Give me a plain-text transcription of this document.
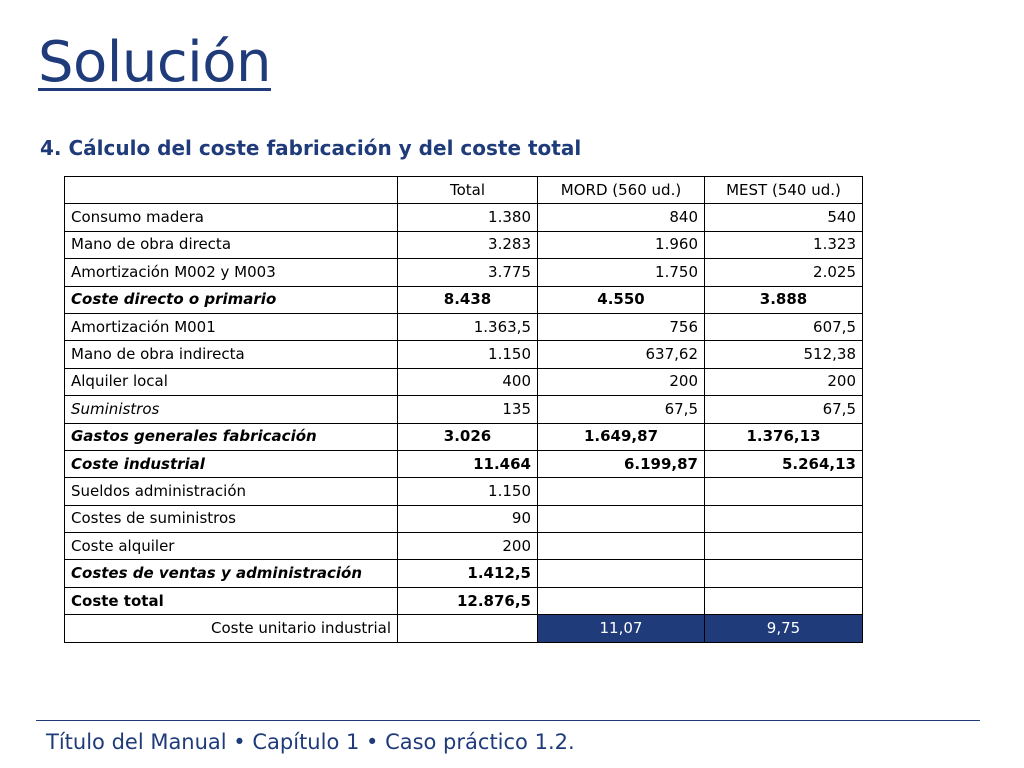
Solución
4. Cálculo del coste fabricación y del coste total
	Total	MORD (560 ud.)	MEST (540 ud.)
Consumo madera	1.380	840	540
Mano de obra directa	3.283	1.960	1.323
Amortización M002 y M003	3.775	1.750	2.025
Coste directo o primario	8.438	4.550	3.888
Amortización M001	1.363,5	756	607,5
Mano de obra indirecta	1.150	637,62	512,38
Alquiler local	400	200	200
Suministros	135	67,5	67,5
Gastos generales fabricación	3.026	1.649,87	1.376,13
Coste industrial	11.464	6.199,87	5.264,13
Sueldos administración	1.150		
Costes de suministros	90		
Coste alquiler	200		
Costes de ventas y administración	1.412,5		
Coste total	12.876,5		
Coste unitario industrial		11,07	9,75

Título del Manual • Capítulo 1 • Caso práctico 1.2.
